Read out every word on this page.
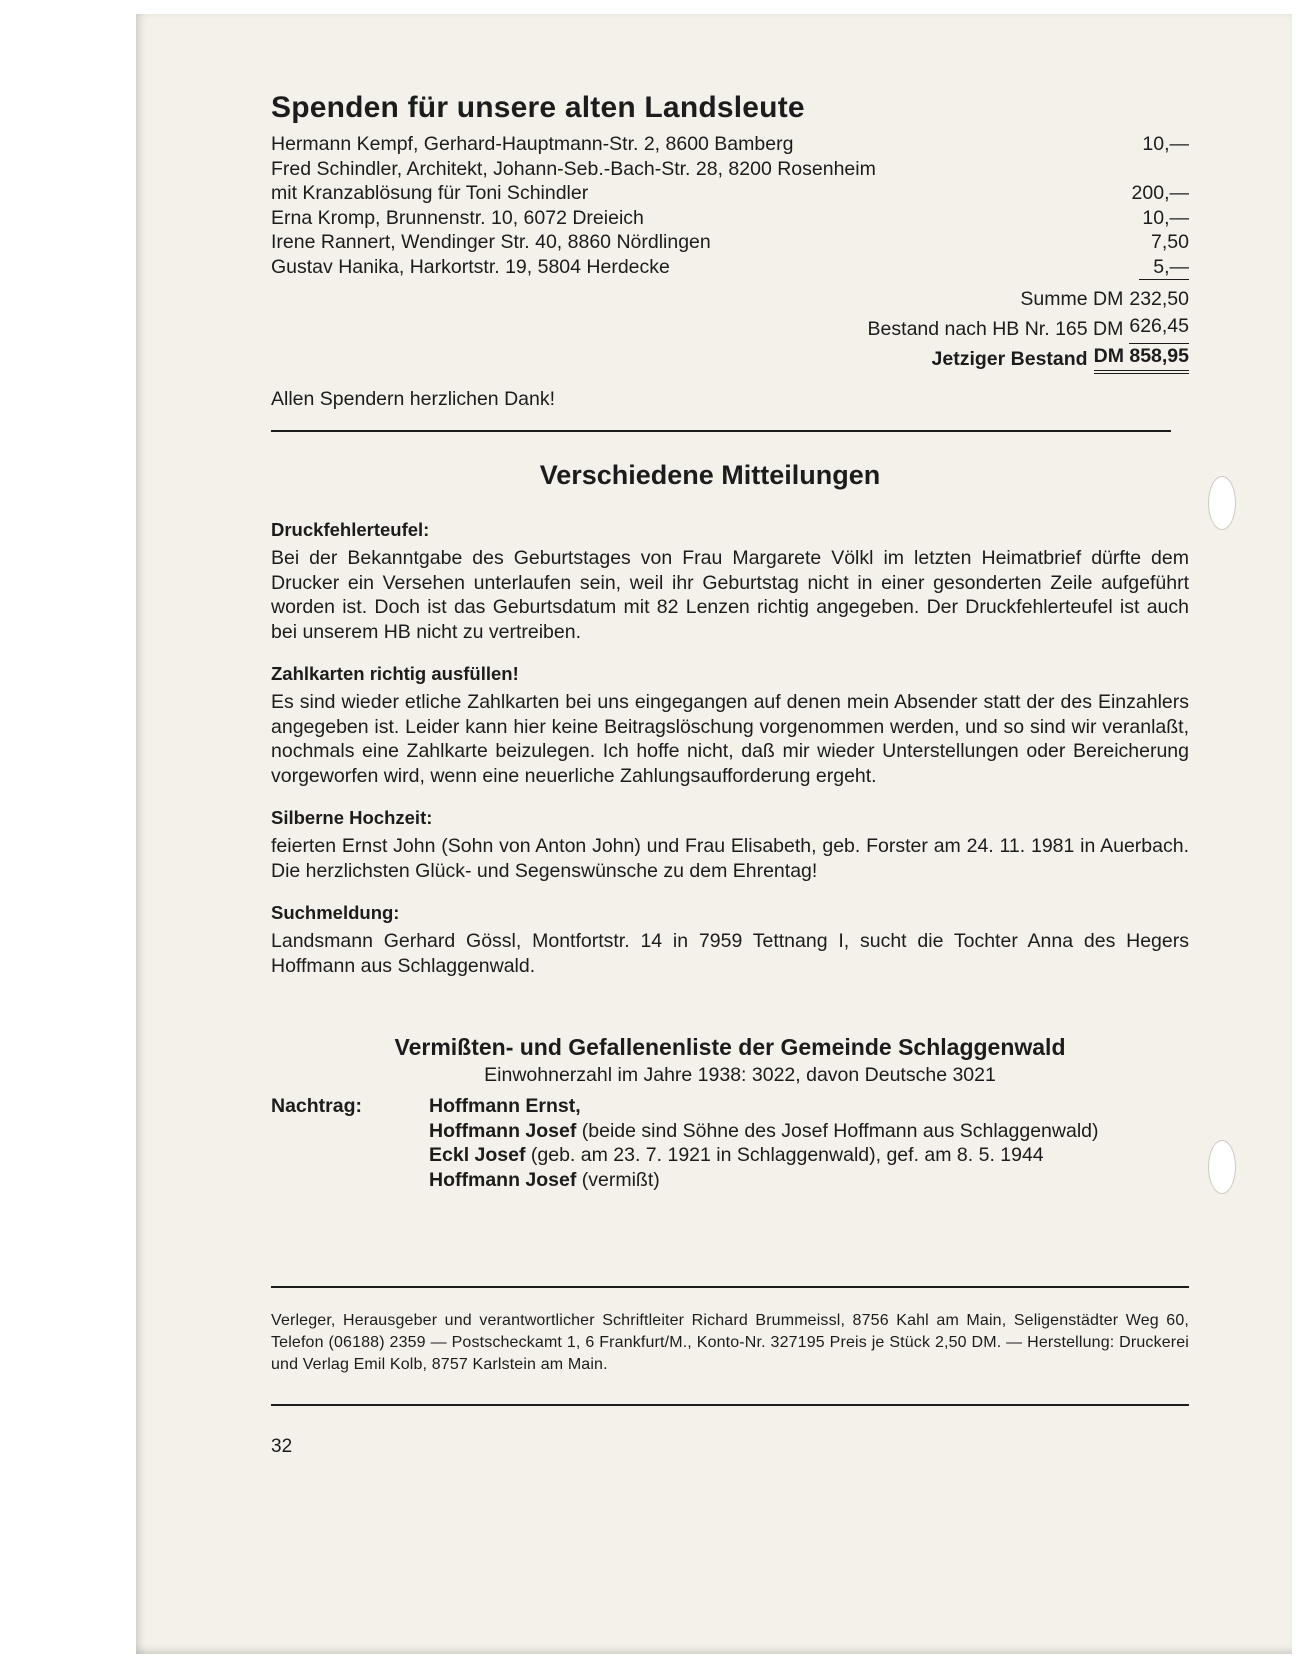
Spenden für unsere alten Landsleute
Hermann Kempf, Gerhard-Hauptmann-Str. 2, 8600 Bamberg	10,—
Fred Schindler, Architekt, Johann-Seb.-Bach-Str. 28, 8200 Rosenheim
mit Kranzablösung für Toni Schindler	200,—
Erna Kromp, Brunnenstr. 10, 6072 Dreieich	10,—
Irene Rannert, Wendinger Str. 40, 8860 Nördlingen	7,50
Gustav Hanika, Harkortstr. 19, 5804 Herdecke	5,—
Summe DM 232,50
Bestand nach HB Nr. 165 DM 626,45
Jetziger Bestand DM 858,95
Allen Spendern herzlichen Dank!
Verschiedene Mitteilungen
Druckfehlerteufel:

Bei der Bekanntgabe des Geburtstages von Frau Margarete Völkl im letzten Heimatbrief dürfte dem Drucker ein Versehen unterlaufen sein, weil ihr Geburtstag nicht in einer gesonderten Zeile aufgeführt worden ist. Doch ist das Geburtsdatum mit 82 Lenzen richtig angegeben. Der Druckfehlerteufel ist auch bei unserem HB nicht zu vertreiben.

Zahlkarten richtig ausfüllen!

Es sind wieder etliche Zahlkarten bei uns eingegangen auf denen mein Absender statt der des Einzahlers angegeben ist. Leider kann hier keine Beitragslöschung vorgenommen werden, und so sind wir veranlaßt, nochmals eine Zahlkarte beizulegen. Ich hoffe nicht, daß mir wieder Unterstellungen oder Bereicherung vorgeworfen wird, wenn eine neuerliche Zahlungsaufforderung ergeht.

Silberne Hochzeit:

feierten Ernst John (Sohn von Anton John) und Frau Elisabeth, geb. Forster am 24. 11. 1981 in Auerbach. Die herzlichsten Glück- und Segenswünsche zu dem Ehrentag!

Suchmeldung:

Landsmann Gerhard Gössl, Montfortstr. 14 in 7959 Tettnang I, sucht die Tochter Anna des Hegers Hoffmann aus Schlaggenwald.

Vermißten- und Gefallenenliste der Gemeinde Schlaggenwald
Einwohnerzahl im Jahre 1938: 3022, davon Deutsche 3021
Nachtrag:	Hoffmann Ernst,
Hoffmann Josef (beide sind Söhne des Josef Hoffmann aus Schlaggenwald)
Eckl Josef (geb. am 23. 7. 1921 in Schlaggenwald), gef. am 8. 5. 1944
Hoffmann Josef (vermißt)
Verleger, Herausgeber und verantwortlicher Schriftleiter Richard Brummeissl, 8756 Kahl am Main, Seligenstädter Weg 60, Telefon (06188) 2359 — Postscheckamt 1, 6 Frankfurt/M., Konto-Nr. 327195 Preis je Stück 2,50 DM. — Herstellung: Druckerei und Verlag Emil Kolb, 8757 Karlstein am Main.
32
